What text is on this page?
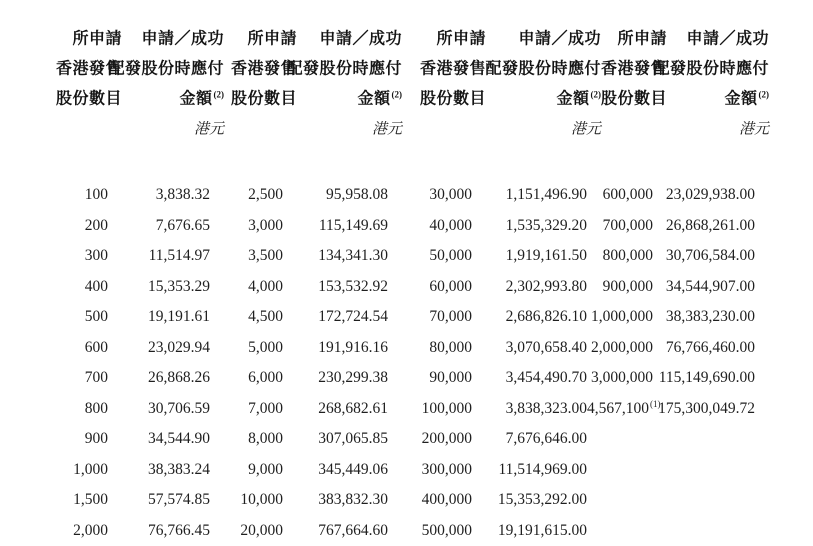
所申請	申請／成功	所申請	申請／成功	所申請	申請／成功	所申請	申請／成功

香港發售	配發股份時應付	香港發售	配發股份時應付	香港發售	配發股份時應付	香港發售	配發股份時應付

股份數目	金額$^{(2)}$	股份數目	金額$^{(2)}$	股份數目	金額$^{(2)}$	股份數目	金額$^{(2)}$

	港元		港元		港元		港元

100	3,838.32	2,500	95,958.08	30,000	1,151,496.90	600,000	23,029,938.00
200	7,676.65	3,000	115,149.69	40,000	1,535,329.20	700,000	26,868,261.00
300	11,514.97	3,500	134,341.30	50,000	1,919,161.50	800,000	30,706,584.00
400	15,353.29	4,000	153,532.92	60,000	2,302,993.80	900,000	34,544,907.00
500	19,191.61	4,500	172,724.54	70,000	2,686,826.10	1,000,000	38,383,230.00
600	23,029.94	5,000	191,916.16	80,000	3,070,658.40	2,000,000	76,766,460.00
700	26,868.26	6,000	230,299.38	90,000	3,454,490.70	3,000,000	115,149,690.00
800	30,706.59	7,000	268,682.61	100,000	3,838,323.00	4,567,100$^{(1)}$	175,300,049.72
900	34,544.90	8,000	307,065.85	200,000	7,676,646.00		
1,000	38,383.24	9,000	345,449.06	300,000	11,514,969.00		
1,500	57,574.85	10,000	383,832.30	400,000	15,353,292.00		
2,000	76,766.45	20,000	767,664.60	500,000	19,191,615.00		
